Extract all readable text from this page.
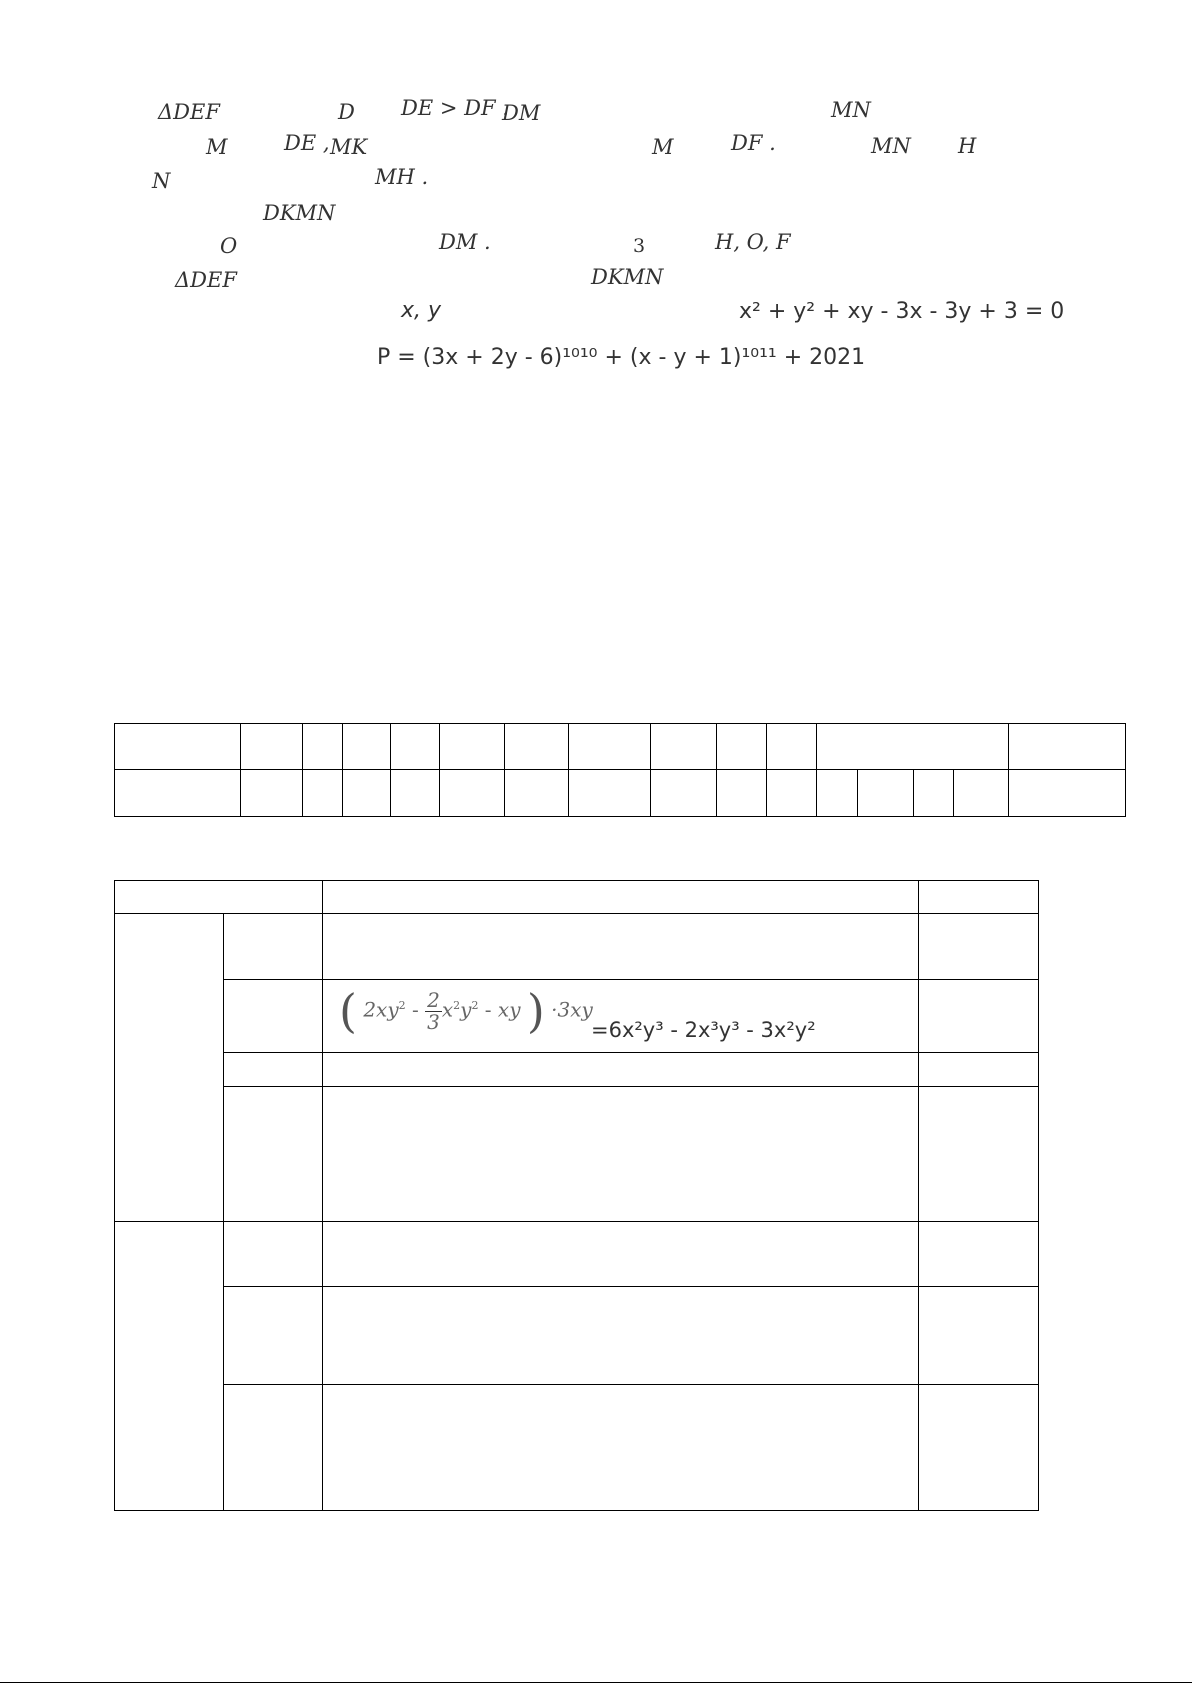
ΔDEF	D DE > DF .
DM	MN
M	DE , MK	M	DF .	MN H
N	MH .
DKMN
O	DM .	3	H, O, F
ΔDEF	DKMN
x, y	x² + y² + xy - 3x - 3y + 3 = 0
P = (3x + 2y - 6)¹⁰¹⁰ + (x - y + 1)¹⁰¹¹ + 2021

		( $2xy^2 - \frac{2}{3} x^2y^2$ - xy ) ·3xy
=6x²y³ - 2x³y³ - 3x²y²	
